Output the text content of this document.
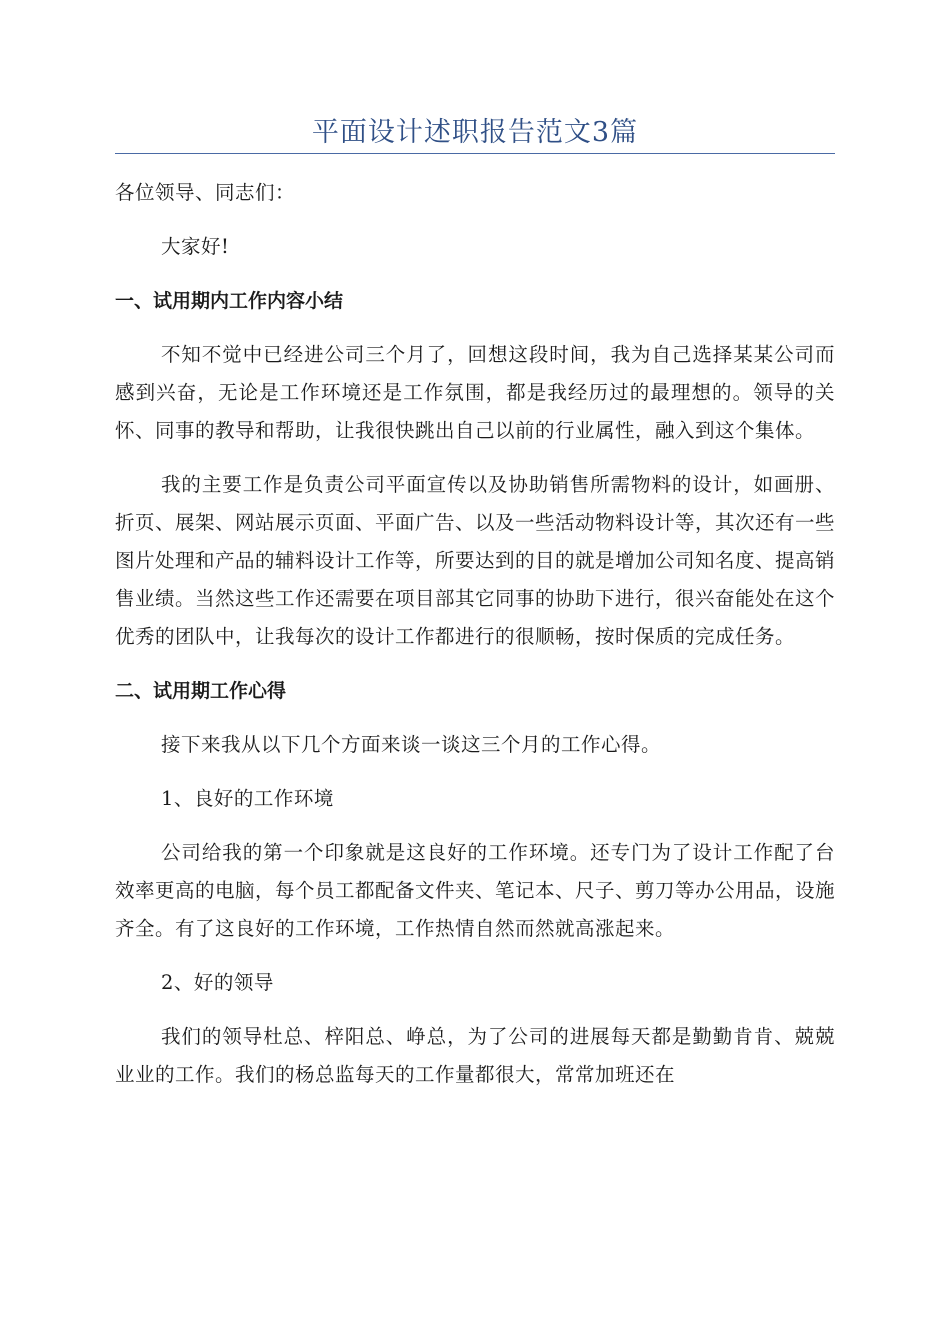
平面设计述职报告范文3篇

各位领导、同志们：

大家好!

一、试用期内工作内容小结

不知不觉中已经进公司三个月了，回想这段时间，我为自己选择某某公司而感到兴奋，无论是工作环境还是工作氛围，都是我经历过的最理想的。领导的关怀、同事的教导和帮助，让我很快跳出自己以前的行业属性，融入到这个集体。

我的主要工作是负责公司平面宣传以及协助销售所需物料的设计，如画册、折页、展架、网站展示页面、平面广告、以及一些活动物料设计等，其次还有一些图片处理和产品的辅料设计工作等，所要达到的目的就是增加公司知名度、提高销售业绩。当然这些工作还需要在项目部其它同事的协助下进行，很兴奋能处在这个优秀的团队中，让我每次的设计工作都进行的很顺畅，按时保质的完成任务。

二、试用期工作心得

接下来我从以下几个方面来谈一谈这三个月的工作心得。

1、良好的工作环境

公司给我的第一个印象就是这良好的工作环境。还专门为了设计工作配了台效率更高的电脑，每个员工都配备文件夹、笔记本、尺子、剪刀等办公用品，设施齐全。有了这良好的工作环境，工作热情自然而然就高涨起来。

2、好的领导

我们的领导杜总、梓阳总、峥总，为了公司的进展每天都是勤勤肯肯、兢兢业业的工作。我们的杨总监每天的工作量都很大，常常加班还在
